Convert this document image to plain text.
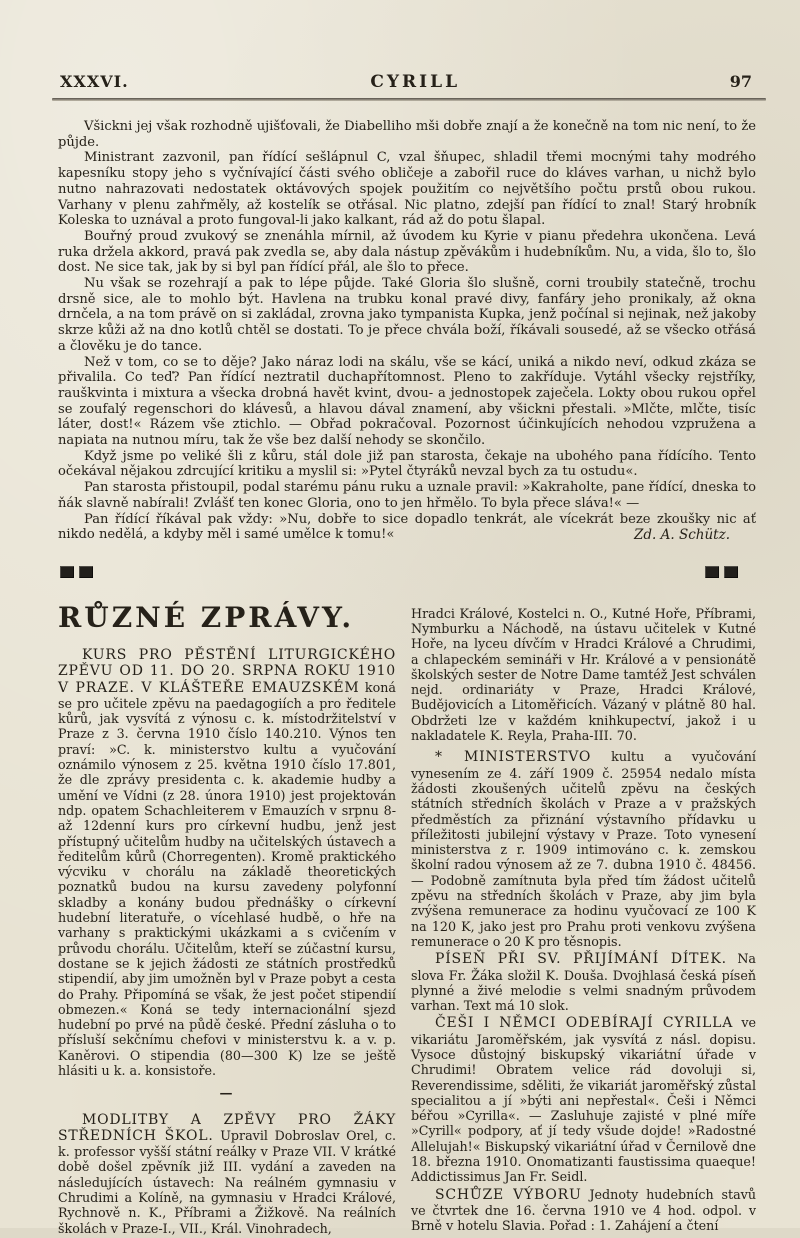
XXXVI.	CYRILL	97

Všickni jej však rozhodně ujišťovali, že Diabelliho mši dobře znají a že konečně na tom nic není, to že půjde.

Ministrant zazvonil, pan řídící sešlápnul C, vzal šňupec, shladil třemi mocnými tahy modrého kapesníku stopy jeho s vyčnívající části svého obličeje a zabořil ruce do kláves varhan, u nichž bylo nutno nahrazovati nedostatek oktávových spojek použitím co největšího počtu prstů obou rukou. Varhany v plenu zahřměly, až kostelík se otřásal. Nic platno, zdejší pan řídící to znal! Starý hrobník Koleska to uznával a proto fungoval-li jako kalkant, rád až do potu šlapal.

Bouřný proud zvukový se znenáhla mírnil, až úvodem ku Kyrie v pianu předehra ukončena. Levá ruka držela akkord, pravá pak zvedla se, aby dala nástup zpěvákům i hudebníkům. Nu, a vida, šlo to, šlo dost. Ne sice tak, jak by si byl pan řídící přál, ale šlo to přece.

Nu však se rozehrají a pak to lépe půjde. Také Gloria šlo slušně, corni troubily statečně, trochu drsně sice, ale to mohlo být. Havlena na trubku konal pravé divy, fanfáry jeho pronikaly, až okna drnčela, a na tom právě on si zakládal, zrovna jako tympanista Kupka, jenž počínal si nejinak, než jakoby skrze kůži až na dno kotlů chtěl se dostati. To je přece chvála boží, říkávali sousedé, až se všecko otřásá a člověku je do tance.

Než v tom, co se to děje? Jako náraz lodi na skálu, vše se kácí, uniká a nikdo neví, odkud zkáza se přivalila. Co teď? Pan řídící neztratil duchapřítomnost. Pleno to zakříduje. Vytáhl všecky rejstříky, rauškvinta i mixtura a všecka drobná havět kvint, dvou- a jednostopek zaječela. Lokty obou rukou opřel se zoufalý regenschori do klávesů, a hlavou dával znamení, aby všickni přestali. »Mlčte, mlčte, tisíc láter, dost!« Rázem vše ztichlo. — Obřad pokračoval. Pozornost účinkujících nehodou vzpružena a napiata na nutnou míru, tak že vše bez další nehody se skončilo.

Když jsme po veliké šli z kůru, stál dole již pan starosta, čekaje na ubohého pana řídícího. Tento očekával nějakou zdrcující kritiku a myslil si: »Pytel čtyráků nevzal bych za tu ostudu«.

Pan starosta přistoupil, podal starému pánu ruku a uznale pravil: »Kakraholte, pane řídící, dneska to ňák slavně nabírali! Zvlášť ten konec Gloria, ono to jen hřmělo. To byla přece sláva!« —

Pan řídící říkával pak vždy: »Nu, dobře to sice dopadlo tenkrát, ale vícekrát beze zkoušky nic ať nikdo nedělá, a kdyby měl i samé umělce k tomu!«	Zd. A. Schütz.
RŮZNÉ ZPRÁVY.

KURS PRO PĚSTĚNÍ LITURGICKÉHO ZPĚVU OD 11. DO 20. SRPNA ROKU 1910 V PRAZE. V KLÁŠTEŘE EMAUZSKÉM koná se pro učitele zpěvu na paedagogiích a pro ředitele kůrů, jak vysvítá z výnosu c. k. místodržitelství v Praze z 3. června 1910 číslo 140.210. Výnos ten praví: »C. k. ministerstvo kultu a vyučování oznámilo výnosem z 25. května 1910 číslo 17.801, že dle zprávy presidenta c. k. akademie hudby a umění ve Vídni (z 28. února 1910) jest projektován ndp. opatem Schachleiterem v Emauzích v srpnu 8- až 12denní kurs pro církevní hudbu, jenž jest přístupný učitelům hudby na učitelských ústavech a ředitelům kůrů (Chorregenten). Kromě praktického výcviku v chorálu na základě theoretických poznatků budou na kursu zavedeny polyfonní skladby a konány budou přednášky o církevní hudební literatuře, o vícehlasé hudbě, o hře na varhany s praktickými ukázkami a s cvičením v průvodu chorálu. Učitelům, kteří se zúčastní kursu, dostane se k jejich žádosti ze státních prostředků stipendií, aby jim umožněn byl v Praze pobyt a cesta do Prahy. Připomíná se však, že jest počet stipendií obmezen.« Koná se tedy internacionální sjezd hudební po prvé na půdě české. Přední zásluha o to přísluší sekčnímu chefovi v ministerstvu k. a v. p. Kaněrovi. O stipendia (80—300 K) lze se ještě hlásiti u k. a. konsistoře.

—

MODLITBY A ZPĚVY PRO ŽÁKY STŘEDNÍCH ŠKOL. Upravil Dobroslav Orel, c. k. professor vyšší státní reálky v Praze VII. V krátké době došel zpěvník již III. vydání a zaveden na následujících ústavech: Na reálném gymnasiu v Chrudimi a Kolíně, na gymnasiu v Hradci Králové, Rychnově n. K., Příbrami a Žižkově. Na reálních školách v Praze-I., VII., Král. Vinohradech,

Hradci Králové, Kostelci n. O., Kutné Hoře, Příbrami, Nymburku a Náchodě, na ústavu učitelek v Kutné Hoře, na lyceu dívčím v Hradci Králové a Chrudimi, a chlapeckém semináři v Hr. Králové a v pensionátě školských sester de Notre Dame tamtéž Jest schválen nejd. ordinariáty v Praze, Hradci Králové, Budějovicích a Litoměřicích. Vázaný v plátně 80 hal. Obdržeti lze v každém knihkupectví, jakož i u nakladatele K. Reyla, Praha-III. 70.

* MINISTERSTVO kultu a vyučování vynesením ze 4. září 1909 č. 25954 nedalo místa žádosti zkoušených učitelů zpěvu na českých státních středních školách v Praze a v pražských předměstích za přiznání výstavního přídavku u příležitosti jubilejní výstavy v Praze. Toto vynesení ministerstva z r. 1909 intimováno c. k. zemskou školní radou výnosem až ze 7. dubna 1910 č. 48456. — Podobně zamítnuta byla před tím žádost učitelů zpěvu na středních školách v Praze, aby jim byla zvýšena remunerace za hodinu vyučovací ze 100 K na 120 K, jako jest pro Prahu proti venkovu zvýšena remunerace o 20 K pro těsnopis.

PÍSEŇ PŘI SV. PŘIJÍMÁNÍ DÍTEK. Na slova Fr. Žáka složil K. Douša. Dvojhlasá česká píseň plynné a živé melodie s velmi snadným průvodem varhan. Text má 10 slok.

ČEŠI I NĚMCI ODEBÍRAJÍ CYRILLA ve vikariátu Jaroměřském, jak vysvítá z násl. dopisu. Vysoce důstojný biskupský vikariátní úřade v Chrudimi! Obratem velice rád dovoluji si, Reverendissime, sděliti, že vikariát jaroměřský zůstal specialitou a jí »býti ani nepřestal«. Češi i Němci béřou »Cyrilla«. — Zasluhuje zajisté v plné míře »Cyrill« podpory, ať jí tedy všude dojde! »Radostné Allelujah!« Biskupský vikariátní úřad v Černilově dne 18. března 1910. Onomatizanti faustissima quaeque! Addictissimus Jan Fr. Seidl.

SCHŮZE VÝBORU Jednoty hudebních stavů ve čtvrtek dne 16. června 1910 ve 4 hod. odpol. v Brně v hotelu Slavia. Pořad : 1. Zahájení a čtení
